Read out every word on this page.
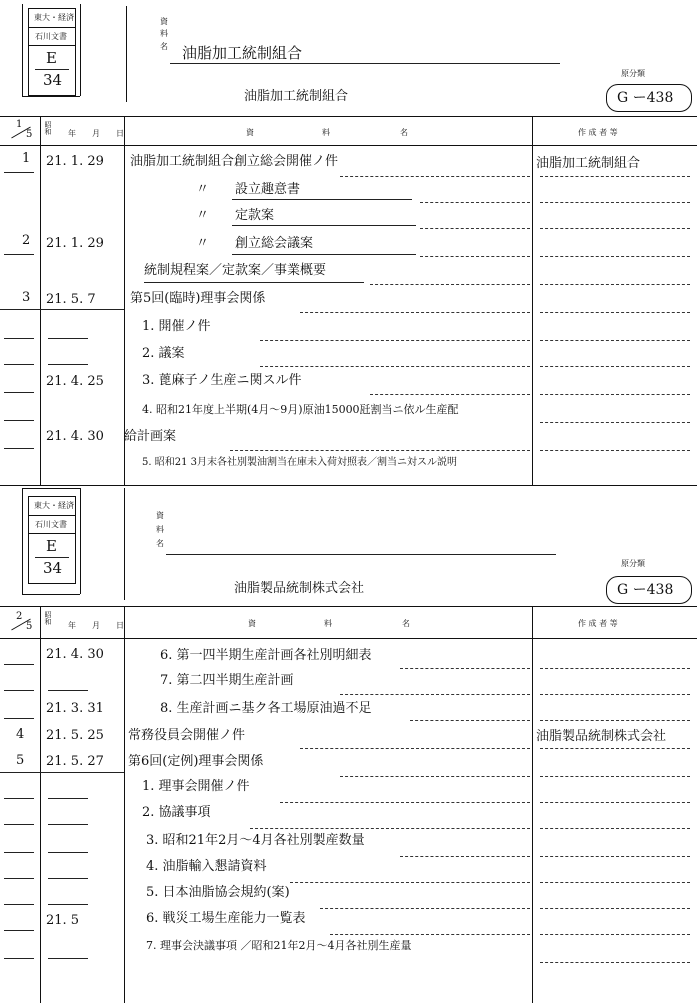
東大・経済
石川文書
E
34
資
料
名 油脂加工統制組合
油脂加工統制組合
原分類
G ー438
1
5 昭和 年 月 日	資	料	名	作 成 者 等
1 21. 1. 29 油脂加工統制組合創立総会開催ノ件	油脂加工統制組合
〃　　設立趣意書
〃　　定款案
2 21. 1. 29	〃　　創立総会議案
統制規程案／定款案／事業概要
3 21. 5. 7	第5回(臨時)理事会関係
1. 開催ノ件
2. 議案
21. 4. 25	3. 蓖麻子ノ生産ニ関スル件
4. 昭和21年度上半期(4月〜9月)原油15000瓩割当ニ依ル生産配
21. 4. 30 給計画案
5. 昭和21 3月末各社別製油割当在庫未入荷対照表／割当ニ対スル説明
東大・経済
石川文書
E
34
資
料
名
油脂製品統制株式会社
原分類
G ー438
2
5
昭和
年 月 日	資	料	名	作 成 者 等
21. 4. 30	6. 第一四半期生産計画各社別明細表
7. 第二四半期生産計画
21. 3. 31	8. 生産計画ニ基ク各工場原油過不足
4 21. 5. 25 常務役員会開催ノ件	油脂製品統制株式会社
5 21. 5. 27 第6回(定例)理事会関係
1. 理事会開催ノ件
2. 協議事項
3. 昭和21年2月〜4月各社別製産数量
4. 油脂輸入懇請資料
5. 日本油脂協会規約(案)
21. 5	6. 戦災工場生産能力一覧表
7. 理事会決議事項 ／昭和21年2月〜4月各社別生産量
